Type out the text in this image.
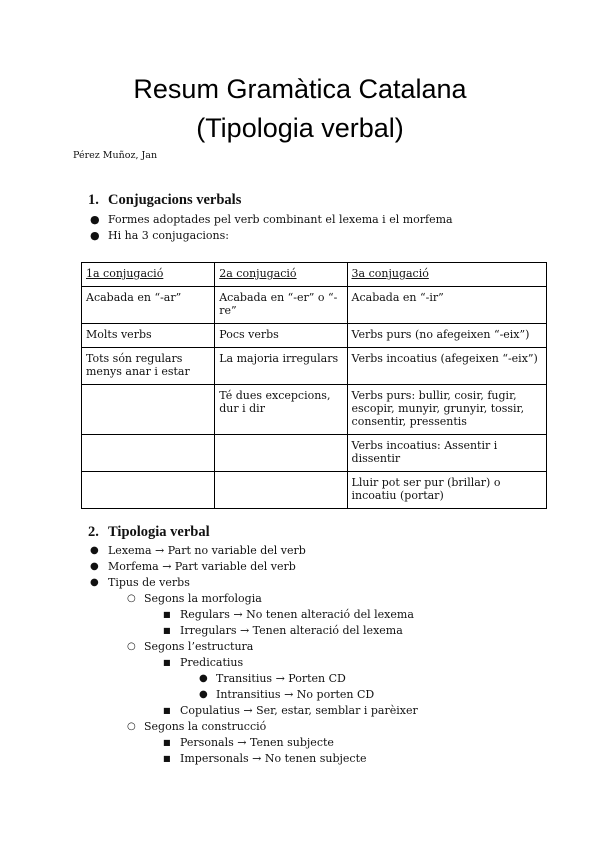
Resum Gramàtica Catalana
(Tipologia verbal)
Pérez Muñoz, Jan
1. Conjugacions verbals
● Formes adoptades pel verb combinant el lexema i el morfema
● Hi ha 3 conjugacions:
1a conjugació	2a conjugació	3a conjugació
Acabada en “-ar”	Acabada en “-er” o “-re”	Acabada en “-ir”
Molts verbs	Pocs verbs	Verbs purs (no afegeixen “-eix”)
Tots són regulars menys anar i estar	La majoria irregulars	Verbs incoatius (afegeixen “-eix”)
	Té dues excepcions, dur i dir	Verbs purs: bullir, cosir, fugir, escopir, munyir, grunyir, tossir, consentir, pressentis
		Verbs incoatius: Assentir i dissentir
		Lluir pot ser pur (brillar) o incoatiu (portar)
2. Tipologia verbal
● Lexema → Part no variable del verb
● Morfema → Part variable del verb
● Tipus de verbs
○ Segons la morfologia
■ Regulars → No tenen alteració del lexema
■ Irregulars → Tenen alteració del lexema
○ Segons l’estructura
■ Predicatius
● Transitius → Porten CD
● Intransitius → No porten CD
■ Copulatius → Ser, estar, semblar i parèixer
○ Segons la construcció
■ Personals → Tenen subjecte
■ Impersonals → No tenen subjecte
